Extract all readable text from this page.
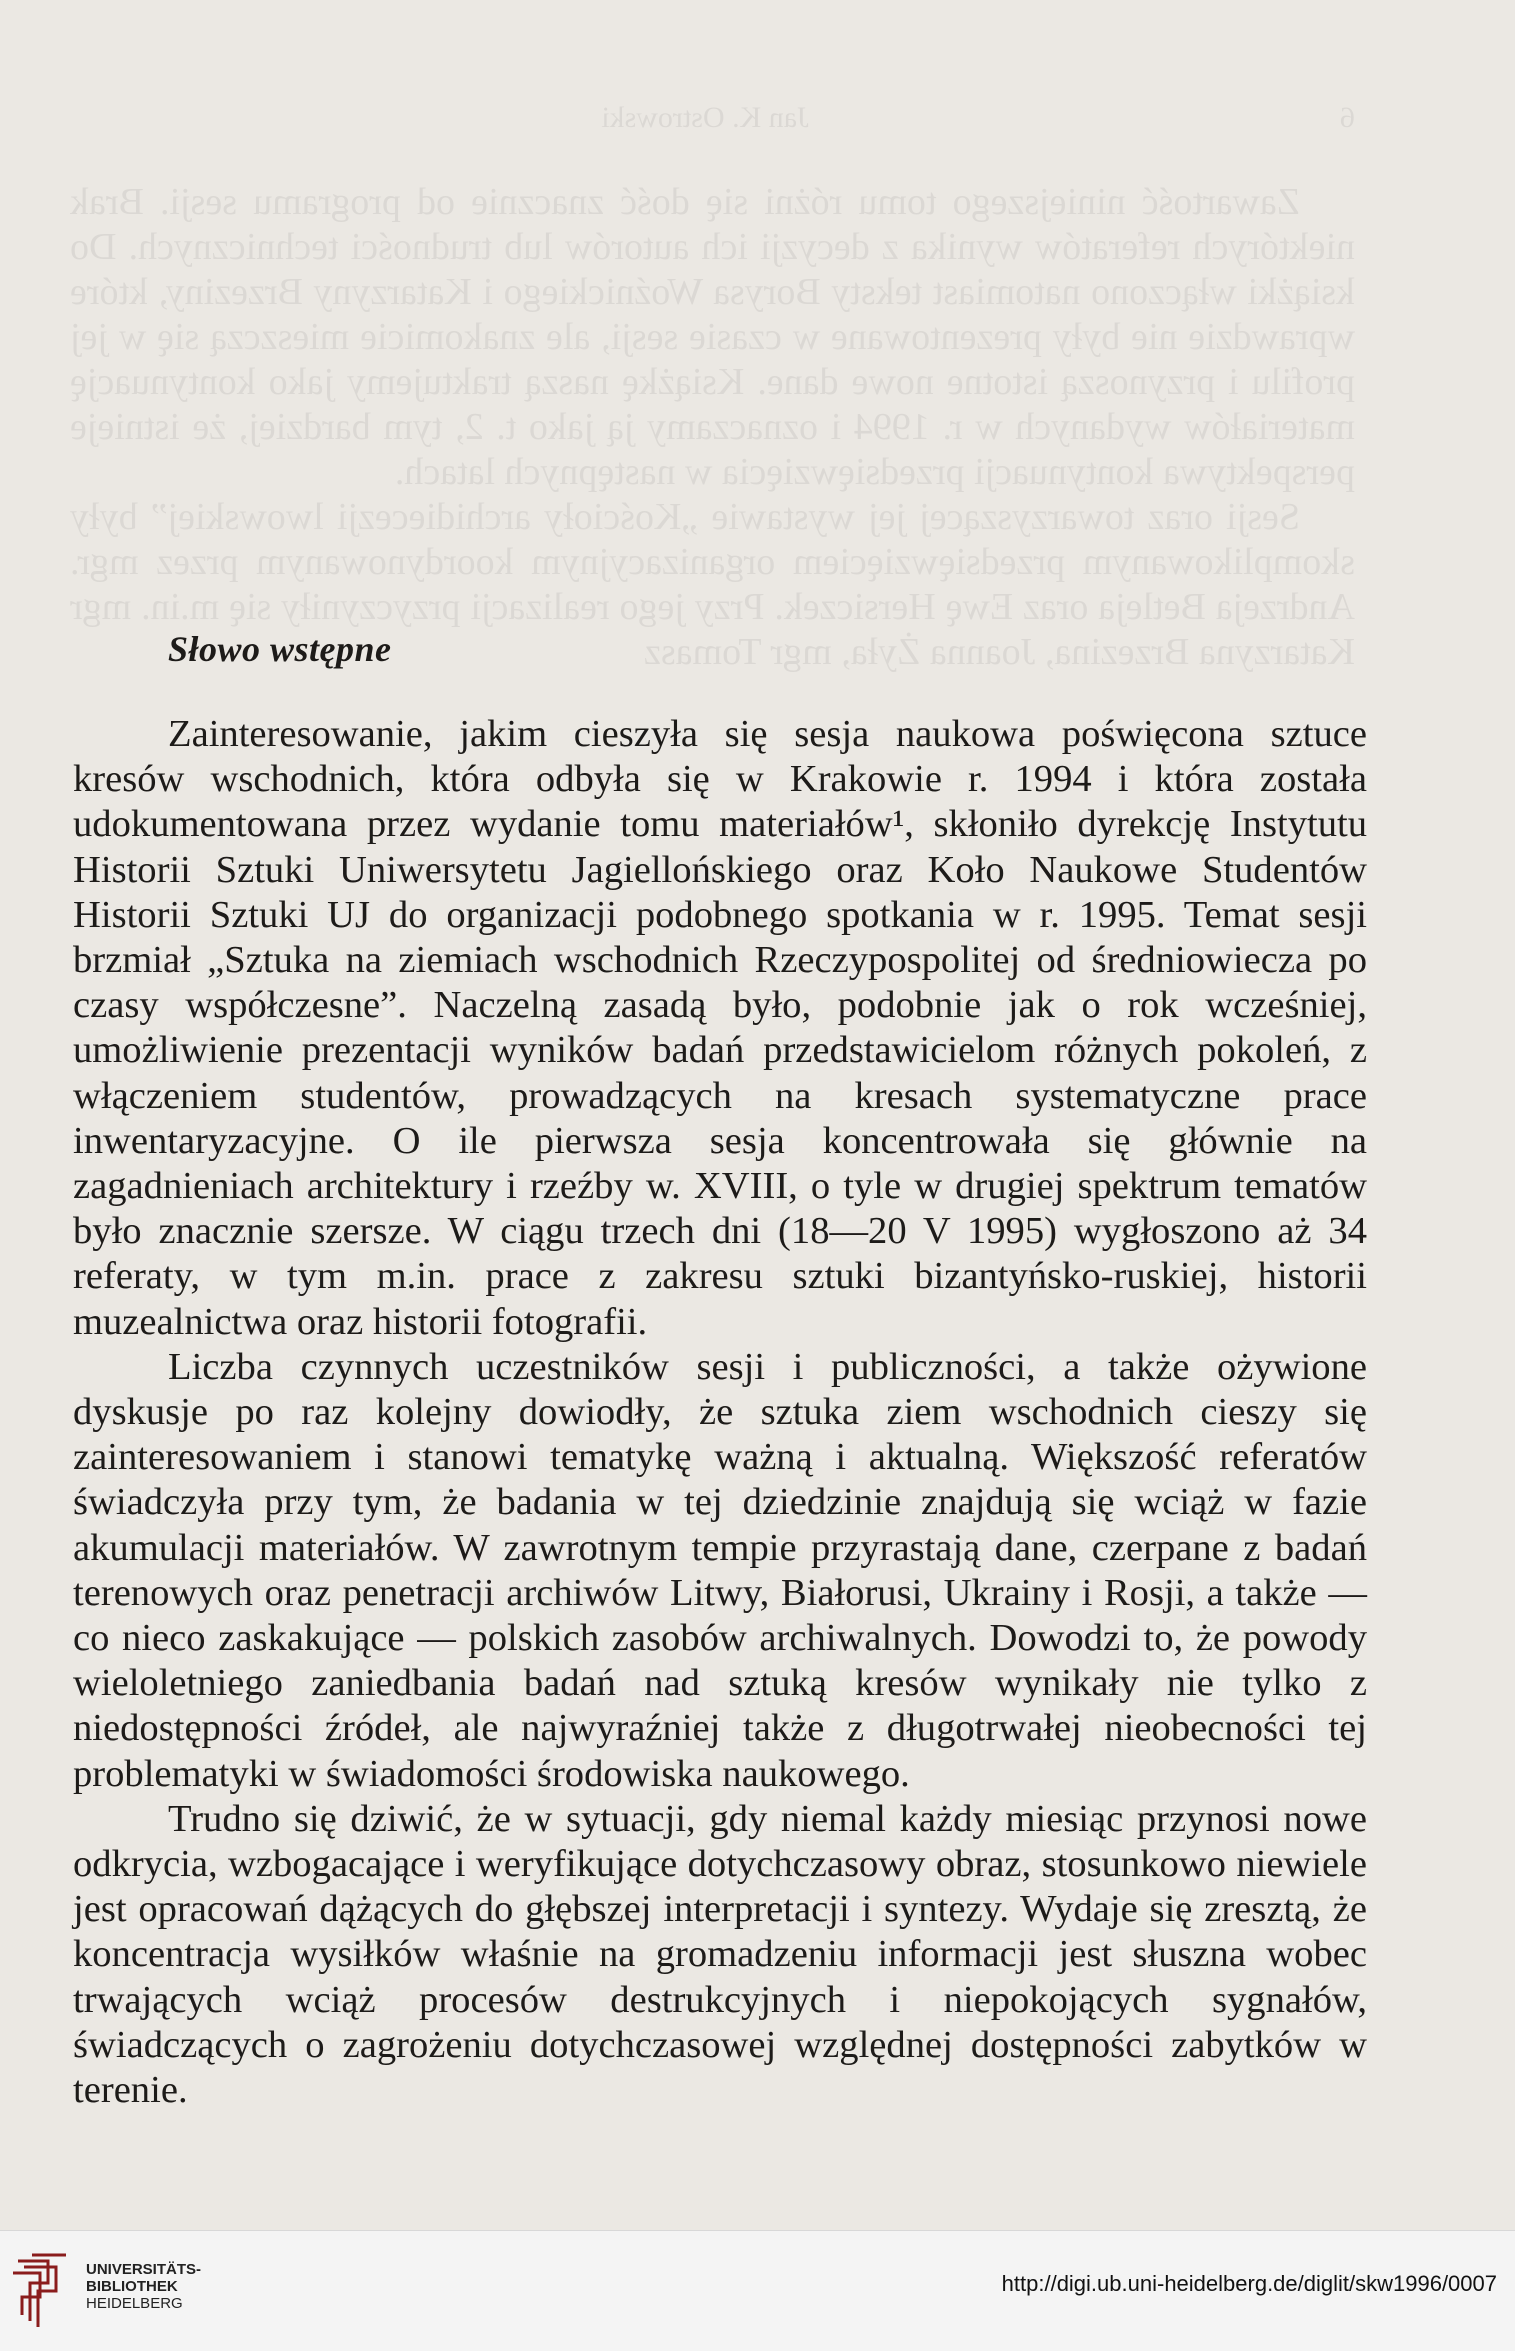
6
Jan K. Ostrowski

Zawartość niniejszego tomu różni się dość znacznie od programu sesji. Brak niektórych referatów wynika z decyzji ich autorów lub trudności technicznych. Do książki włączono natomiast teksty Borysa Woźnickiego i Katarzyny Brzeziny, które wprawdzie nie były prezentowane w czasie sesji, ale znakomicie mieszczą się w jej profilu i przynoszą istotne nowe dane. Książkę naszą traktujemy jako kontynuację materiałów wydanych w r. 1994 i oznaczamy ją jako t. 2, tym bardziej, że istnieje perspektywa kontynuacji przedsięwzięcia w następnych latach.

Sesji oraz towarzyszącej jej wystawie „Kościoły archidiecezji lwowskiej” były skomplikowanym przedsięwzięciem organizacyjnym koordynowanym przez mgr. Andrzeja Betleja oraz Ewę Hersiczek. Przy jego realizacji przyczyniły się m.in. mgr Katarzyna Brzezina, Joanna Żyła, mgr Tomasz

Słowo wstępne

Zainteresowanie, jakim cieszyła się sesja naukowa poświęcona sztuce kresów wschodnich, która odbyła się w Krakowie r. 1994 i która została udokumentowana przez wydanie tomu materiałów¹, skłoniło dyrekcję Instytutu Historii Sztuki Uniwersytetu Jagiellońskiego oraz Koło Naukowe Studentów Historii Sztuki UJ do organizacji podobnego spotkania w r. 1995. Temat sesji brzmiał „Sztuka na ziemiach wschodnich Rzeczypospolitej od średniowiecza po czasy współczesne”. Naczelną zasadą było, podobnie jak o rok wcześniej, umożliwienie prezentacji wyników badań przedstawicielom różnych pokoleń, z włączeniem studentów, prowadzących na kresach systematyczne prace inwentaryzacyjne. O ile pierwsza sesja koncentrowała się głównie na zagadnieniach architektury i rzeźby w. XVIII, o tyle w drugiej spektrum tematów było znacznie szersze. W ciągu trzech dni (18—20 V 1995) wygłoszono aż 34 referaty, w tym m.in. prace z zakresu sztuki bizantyńsko-ruskiej, historii muzealnictwa oraz historii fotografii.

Liczba czynnych uczestników sesji i publiczności, a także ożywione dyskusje po raz kolejny dowiodły, że sztuka ziem wschodnich cieszy się zainteresowaniem i stanowi tematykę ważną i aktualną. Większość referatów świadczyła przy tym, że badania w tej dziedzinie znajdują się wciąż w fazie akumulacji materiałów. W zawrotnym tempie przyrastają dane, czerpane z badań terenowych oraz penetracji archiwów Litwy, Białorusi, Ukrainy i Rosji, a także — co nieco zaskakujące — polskich zasobów archiwalnych. Dowodzi to, że powody wieloletniego zaniedbania badań nad sztuką kresów wynikały nie tylko z niedostępności źródeł, ale najwyraźniej także z długotrwałej nieobecności tej problematyki w świadomości środowiska naukowego.

Trudno się dziwić, że w sytuacji, gdy niemal każdy miesiąc przynosi nowe odkrycia, wzbogacające i weryfikujące dotychczasowy obraz, stosunkowo niewiele jest opracowań dążących do głębszej interpretacji i syntezy. Wydaje się zresztą, że koncentracja wysiłków właśnie na gromadzeniu informacji jest słuszna wobec trwających wciąż procesów destrukcyjnych i niepokojących sygnałów, świadczących o zagrożeniu dotychczasowej względnej dostępności zabytków w terenie.

UNIVERSITÄTS-
BIBLIOTHEK
HEIDELBERG
http://digi.ub.uni-heidelberg.de/diglit/skw1996/0007
